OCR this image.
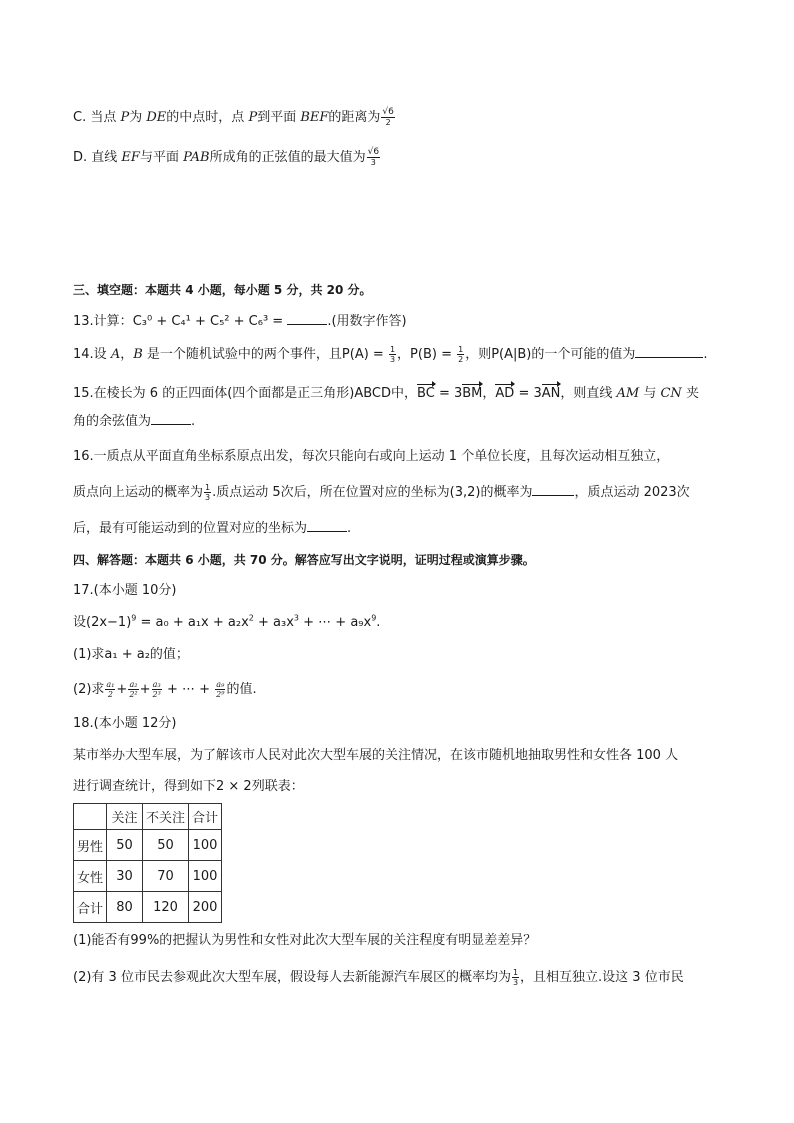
C. 当点 P为 DE的中点时，点 P到平面 BEF的距离为 $\frac{√6}{2}$
D. 直线 EF与平面 PAB所成角的正弦值的最大值为 $\frac{√6}{3}$
三、填空题：本题共 4 小题，每小题 5 分，共 20 分。
13.计算：C₃⁰ + C₄¹ + C₅² + C₆³ =	.(用数字作答)
14.设 A，B 是一个随机试验中的两个事件，且$P(A) = \frac{1}{3}$ ，$P(B) = \frac{1}{2}$ ，则P(A|B)的一个可能的值为	.
15.在棱长为 6 的正四面体(四个面都是正三角形)ABCD中，BC = 3BM，AD = 3AN，则直线 AM 与 CN 夹
角的余弦值为	.
16.一质点从平面直角坐标系原点出发，每次只能向右或向上运动 1 个单位长度，且每次运动相互独立，
质点向上运动的概率为 $\frac{1}{3}$ .质点运动 5次后，所在位置对应的坐标为(3,2)的概率为	，质点运动 2023次
后，最有可能运动到的位置对应的坐标为	.
四、解答题：本题共 6 小题，共 70 分。解答应写出文字说明，证明过程或演算步骤。
17.(本小题 10分)
设$(2x-1)^9 = a_0 + a_1x + a_2x^2 + a_3x^3$ + ⋯ + $a_9x^9$.
(1)求a₁ + a₂的值；
(2)求 $\frac{\text{a₁}}{2} + \frac{\text{a₂}}{\text{2²}} + \frac{\text{a₃}}{\text{2³}}$ + ⋯ + $\frac{\text{a₉}}{\text{2⁹}}$ 的值.
18.(本小题 12分)
某市举办大型车展，为了解该市人民对此次大型车展的关注情况，在该市随机地抽取男性和女性各 100 人
进行调查统计，得到如下2 × 2列联表：
	关注	不关注	合计
男性	50	50	100
女性	30	70	100
合计	80	120	200
(1)能否有99%的把握认为男性和女性对此次大型车展的关注程度有明显差差异？
(2)有 3 位市民去参观此次大型车展，假设每人去新能源汽车展区的概率均为 $\frac{1}{3}$ ，且相互独立.设这 3 位市民
